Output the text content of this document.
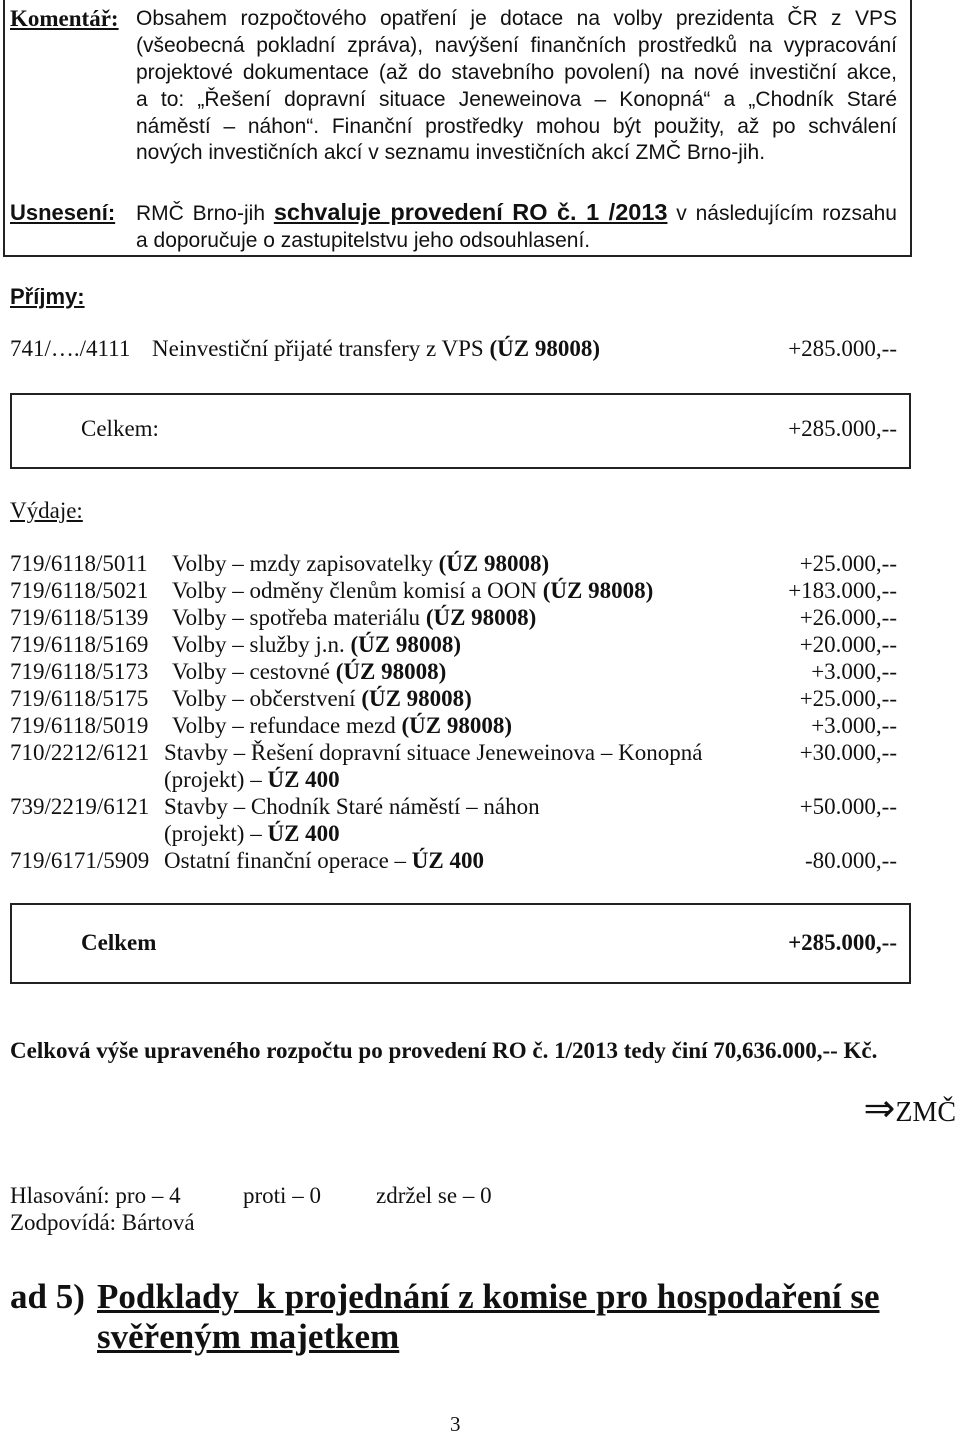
Komentář: Obsahem rozpočtového opatření je dotace na volby prezidenta ČR z VPS
(všeobecná pokladní zpráva), navýšení finančních prostředků na vypracování
projektové dokumentace (až do stavebního povolení) na nové investiční akce,
a to: „Řešení dopravní situace Jeneweinova – Konopná“ a „Chodník Staré
náměstí – náhon“. Finanční prostředky mohou být použity, až po schválení
nových investičních akcí v seznamu investičních akcí ZMČ Brno-jih.
Usnesení: RMČ Brno-jih schvaluje provedení RO č. 1 /2013 v následujícím rozsahu
a doporučuje o zastupitelstvu jeho odsouhlasení.
Příjmy:
741/…./4111 Neinvestiční přijaté transfery z VPS (ÚZ 98008)	+285.000,--
Celkem:	+285.000,--
Výdaje:
719/6118/5011 Volby – mzdy zapisovatelky (ÚZ 98008)	+25.000,--
719/6118/5021 Volby – odměny členům komisí a OON (ÚZ 98008)	+183.000,--
719/6118/5139 Volby – spotřeba materiálu (ÚZ 98008)	+26.000,--
719/6118/5169 Volby – služby j.n. (ÚZ 98008)	+20.000,--
719/6118/5173 Volby – cestovné (ÚZ 98008)	+3.000,--
719/6118/5175 Volby – občerstvení (ÚZ 98008)	+25.000,--
719/6118/5019 Volby – refundace mezd (ÚZ 98008)	+3.000,--
710/2212/6121 Stavby – Řešení dopravní situace Jeneweinova – Konopná	+30.000,--
(projekt) – ÚZ 400
739/2219/6121 Stavby – Chodník Staré náměstí – náhon	+50.000,--
(projekt) – ÚZ 400
719/6171/5909 Ostatní finanční operace – ÚZ 400	-80.000,--
Celkem	+285.000,--
Celková výše upraveného rozpočtu po provedení RO č. 1/2013 tedy činí 70,636.000,-- Kč.
⇒ ZMČ
Hlasování: pro – 4	proti – 0 zdržel se – 0
Zodpovídá: Bártová
ad 5) Podklady  k projednání z komise pro hospodaření se
svěřeným majetkem
3
